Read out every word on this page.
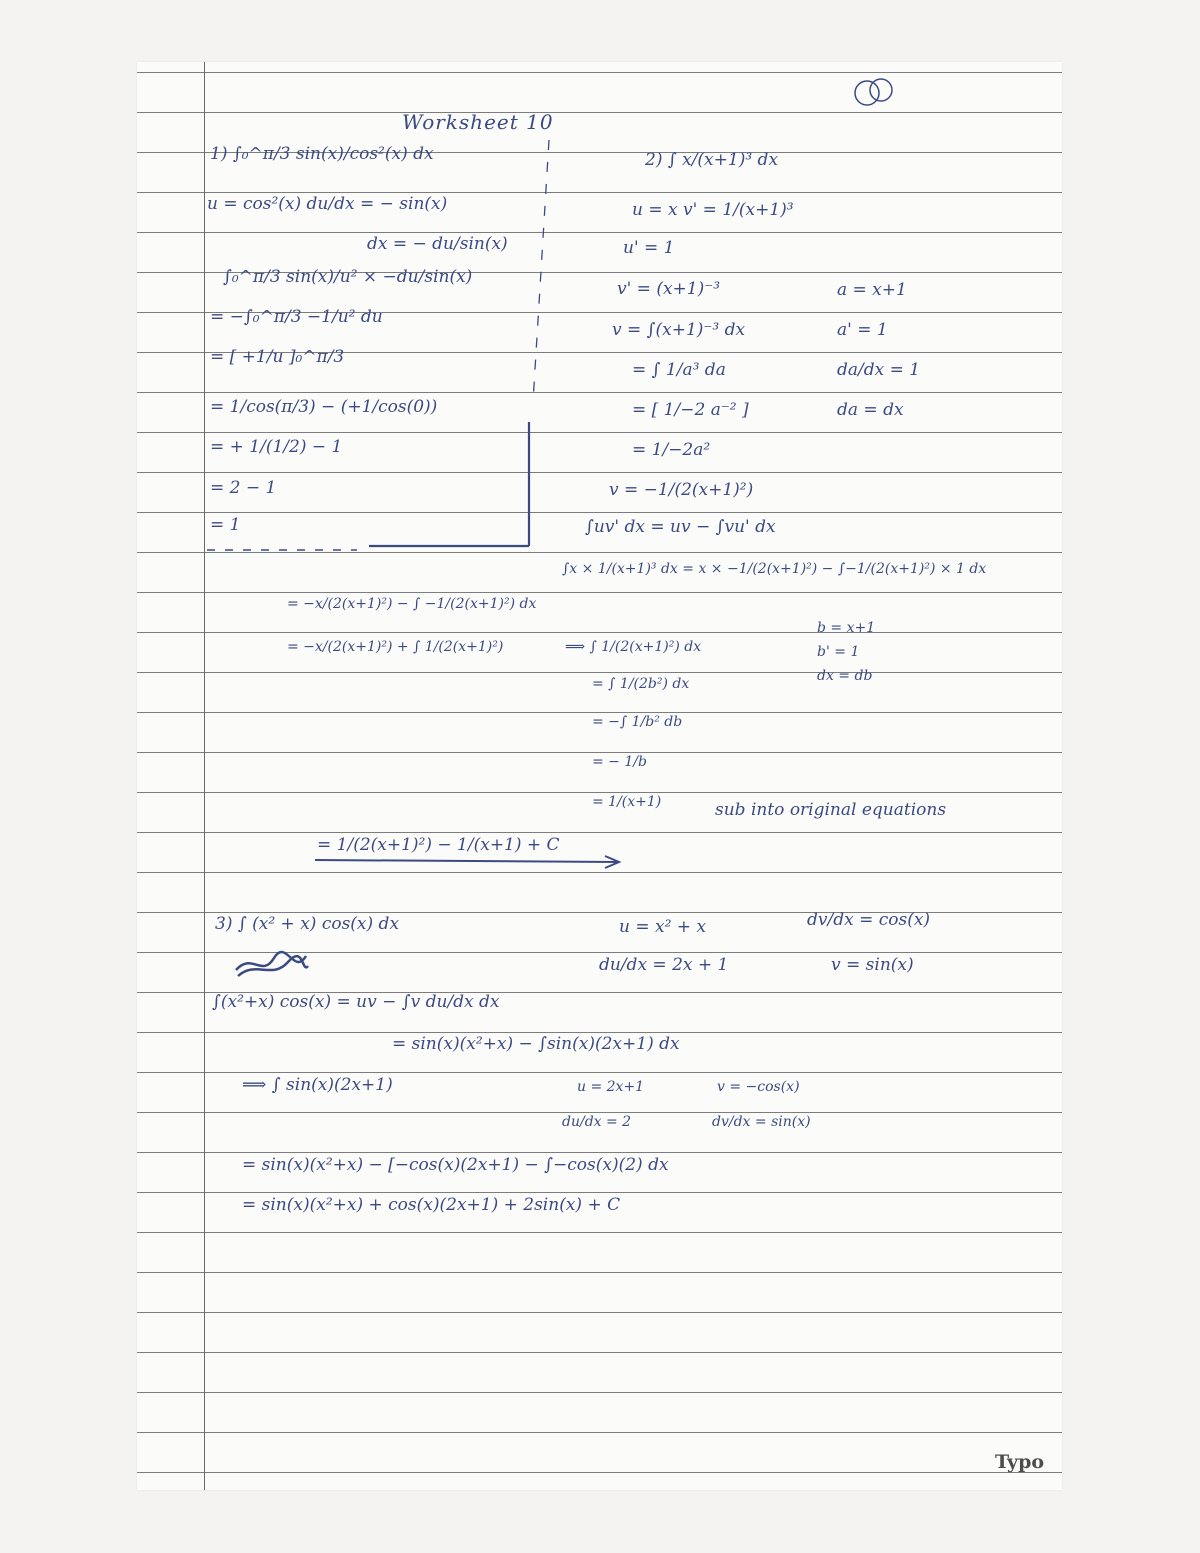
Worksheet 10
1) ∫₀^π/3 sin(x)/cos²(x) dx
u = cos²(x) du/dx = − sin(x)
dx = − du/sin(x)
∫₀^π/3 sin(x)/u² × −du/sin(x)
= −∫₀^π/3 −1/u² du
= [ +1/u ]₀^π/3
= 1/cos(π/3) − (+1/cos(0))
= + 1/(1/2) − 1
= 2 − 1
= 1
2) ∫ x/(x+1)³ dx
u = x v' = 1/(x+1)³
u' = 1
v' = (x+1)⁻³
v = ∫(x+1)⁻³ dx
= ∫ 1/a³ da
= [ 1/−2 a⁻² ]
= 1/−2a²
v = −1/(2(x+1)²)
a = x+1
a' = 1
da/dx = 1
da = dx
∫uv' dx = uv − ∫vu' dx
∫x × 1/(x+1)³ dx = x × −1/(2(x+1)²) − ∫−1/(2(x+1)²) × 1 dx
= −x/(2(x+1)²) − ∫ −1/(2(x+1)²) dx
= −x/(2(x+1)²) + ∫ 1/(2(x+1)²)	⟹ ∫ 1/(2(x+1)²) dx
= ∫ 1/(2b²) dx
= −∫ 1/b² db
= − 1/b
= 1/(x+1)
b = x+1
b' = 1
dx = db
sub into original equations
= 1/(2(x+1)²) − 1/(x+1) + C
3) ∫ (x² + x) cos(x) dx	u = x² + x
du/dx = 2x + 1
dv/dx = cos(x)
v = sin(x)
∫(x²+x) cos(x) = uv − ∫v du/dx dx
= sin(x)(x²+x) − ∫sin(x)(2x+1) dx
⟹ ∫ sin(x)(2x+1)	u = 2x+1	v = −cos(x)
du/dx = 2	dv/dx = sin(x)
= sin(x)(x²+x) − [−cos(x)(2x+1) − ∫−cos(x)(2) dx
= sin(x)(x²+x) + cos(x)(2x+1) + 2sin(x) + C
Typo
